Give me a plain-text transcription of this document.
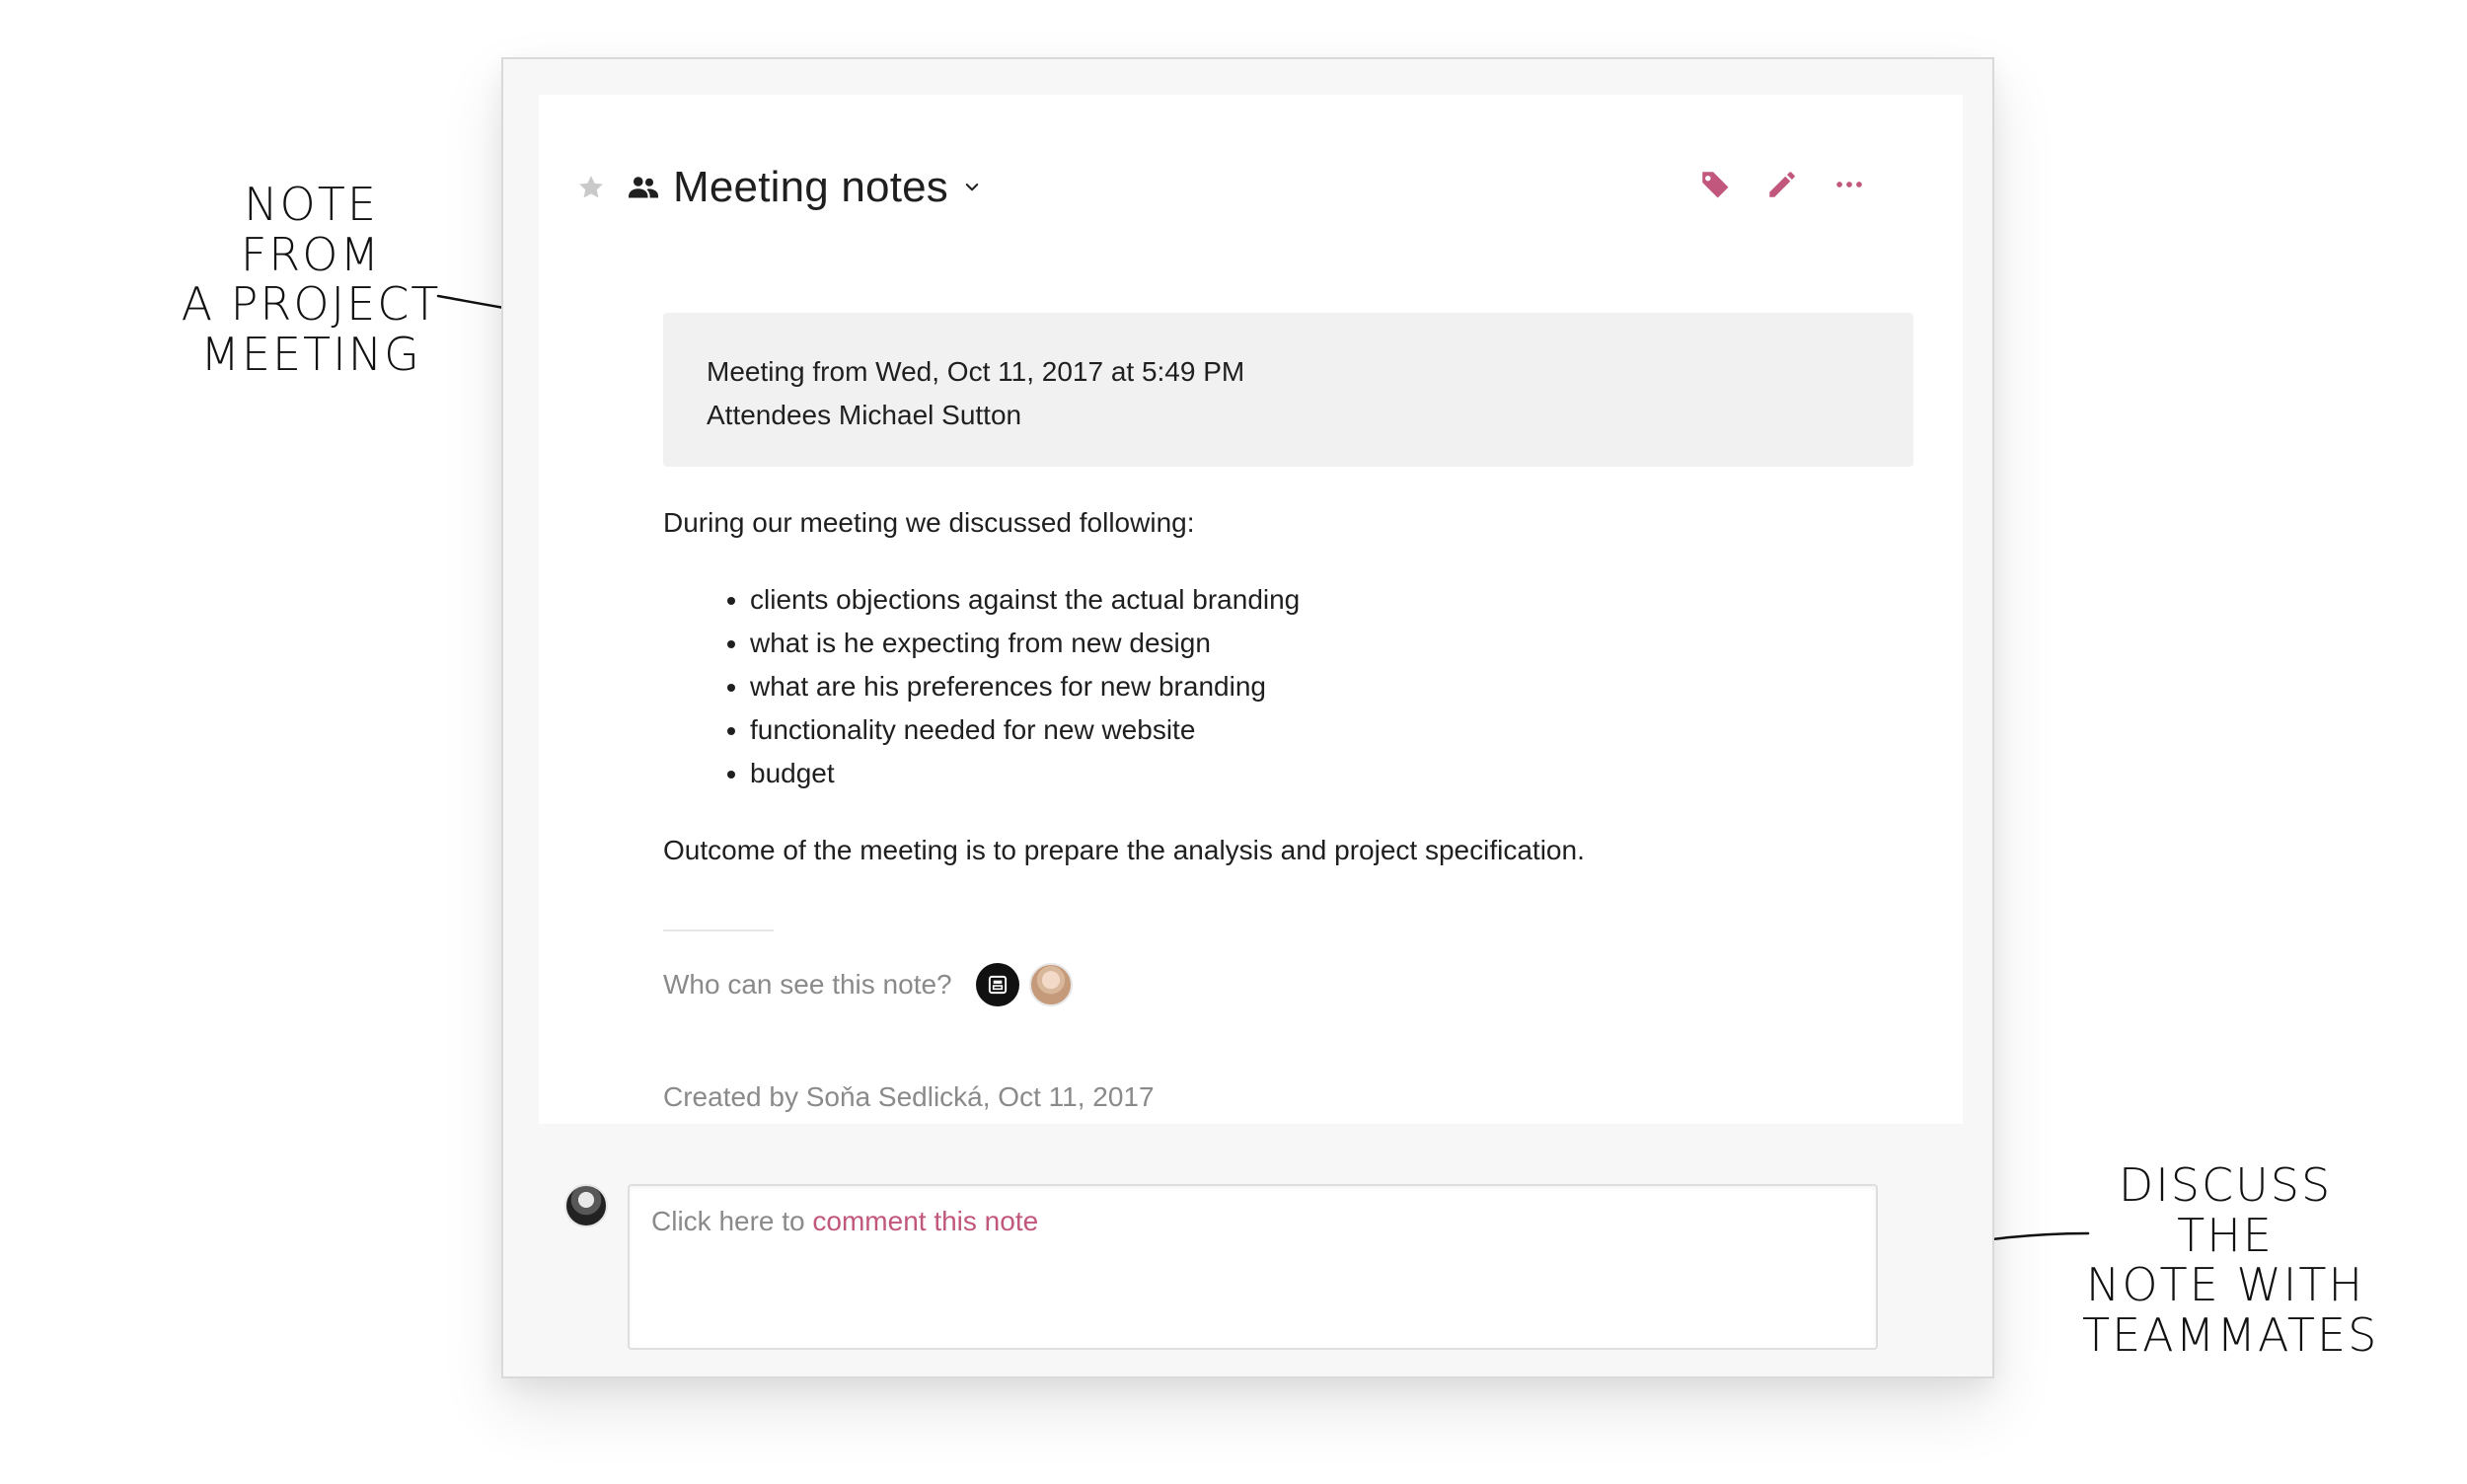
NOTE FROM
A PROJECT
MEETING
DISCUSS THE
NOTE WITH
TEAMMATES
Meeting notes
Meeting from Wed, Oct 11, 2017 at 5:49 PM
Attendees Michael Sutton

During our meeting we discussed following:

• clients objections against the actual branding
• what is he expecting from new design
• what are his preferences for new branding
• functionality needed for new website
• budget

Outcome of the meeting is to prepare the analysis and project specification.

Who can see this note?
Created by Soňa Sedlická, Oct 11, 2017
Click here to comment this note
